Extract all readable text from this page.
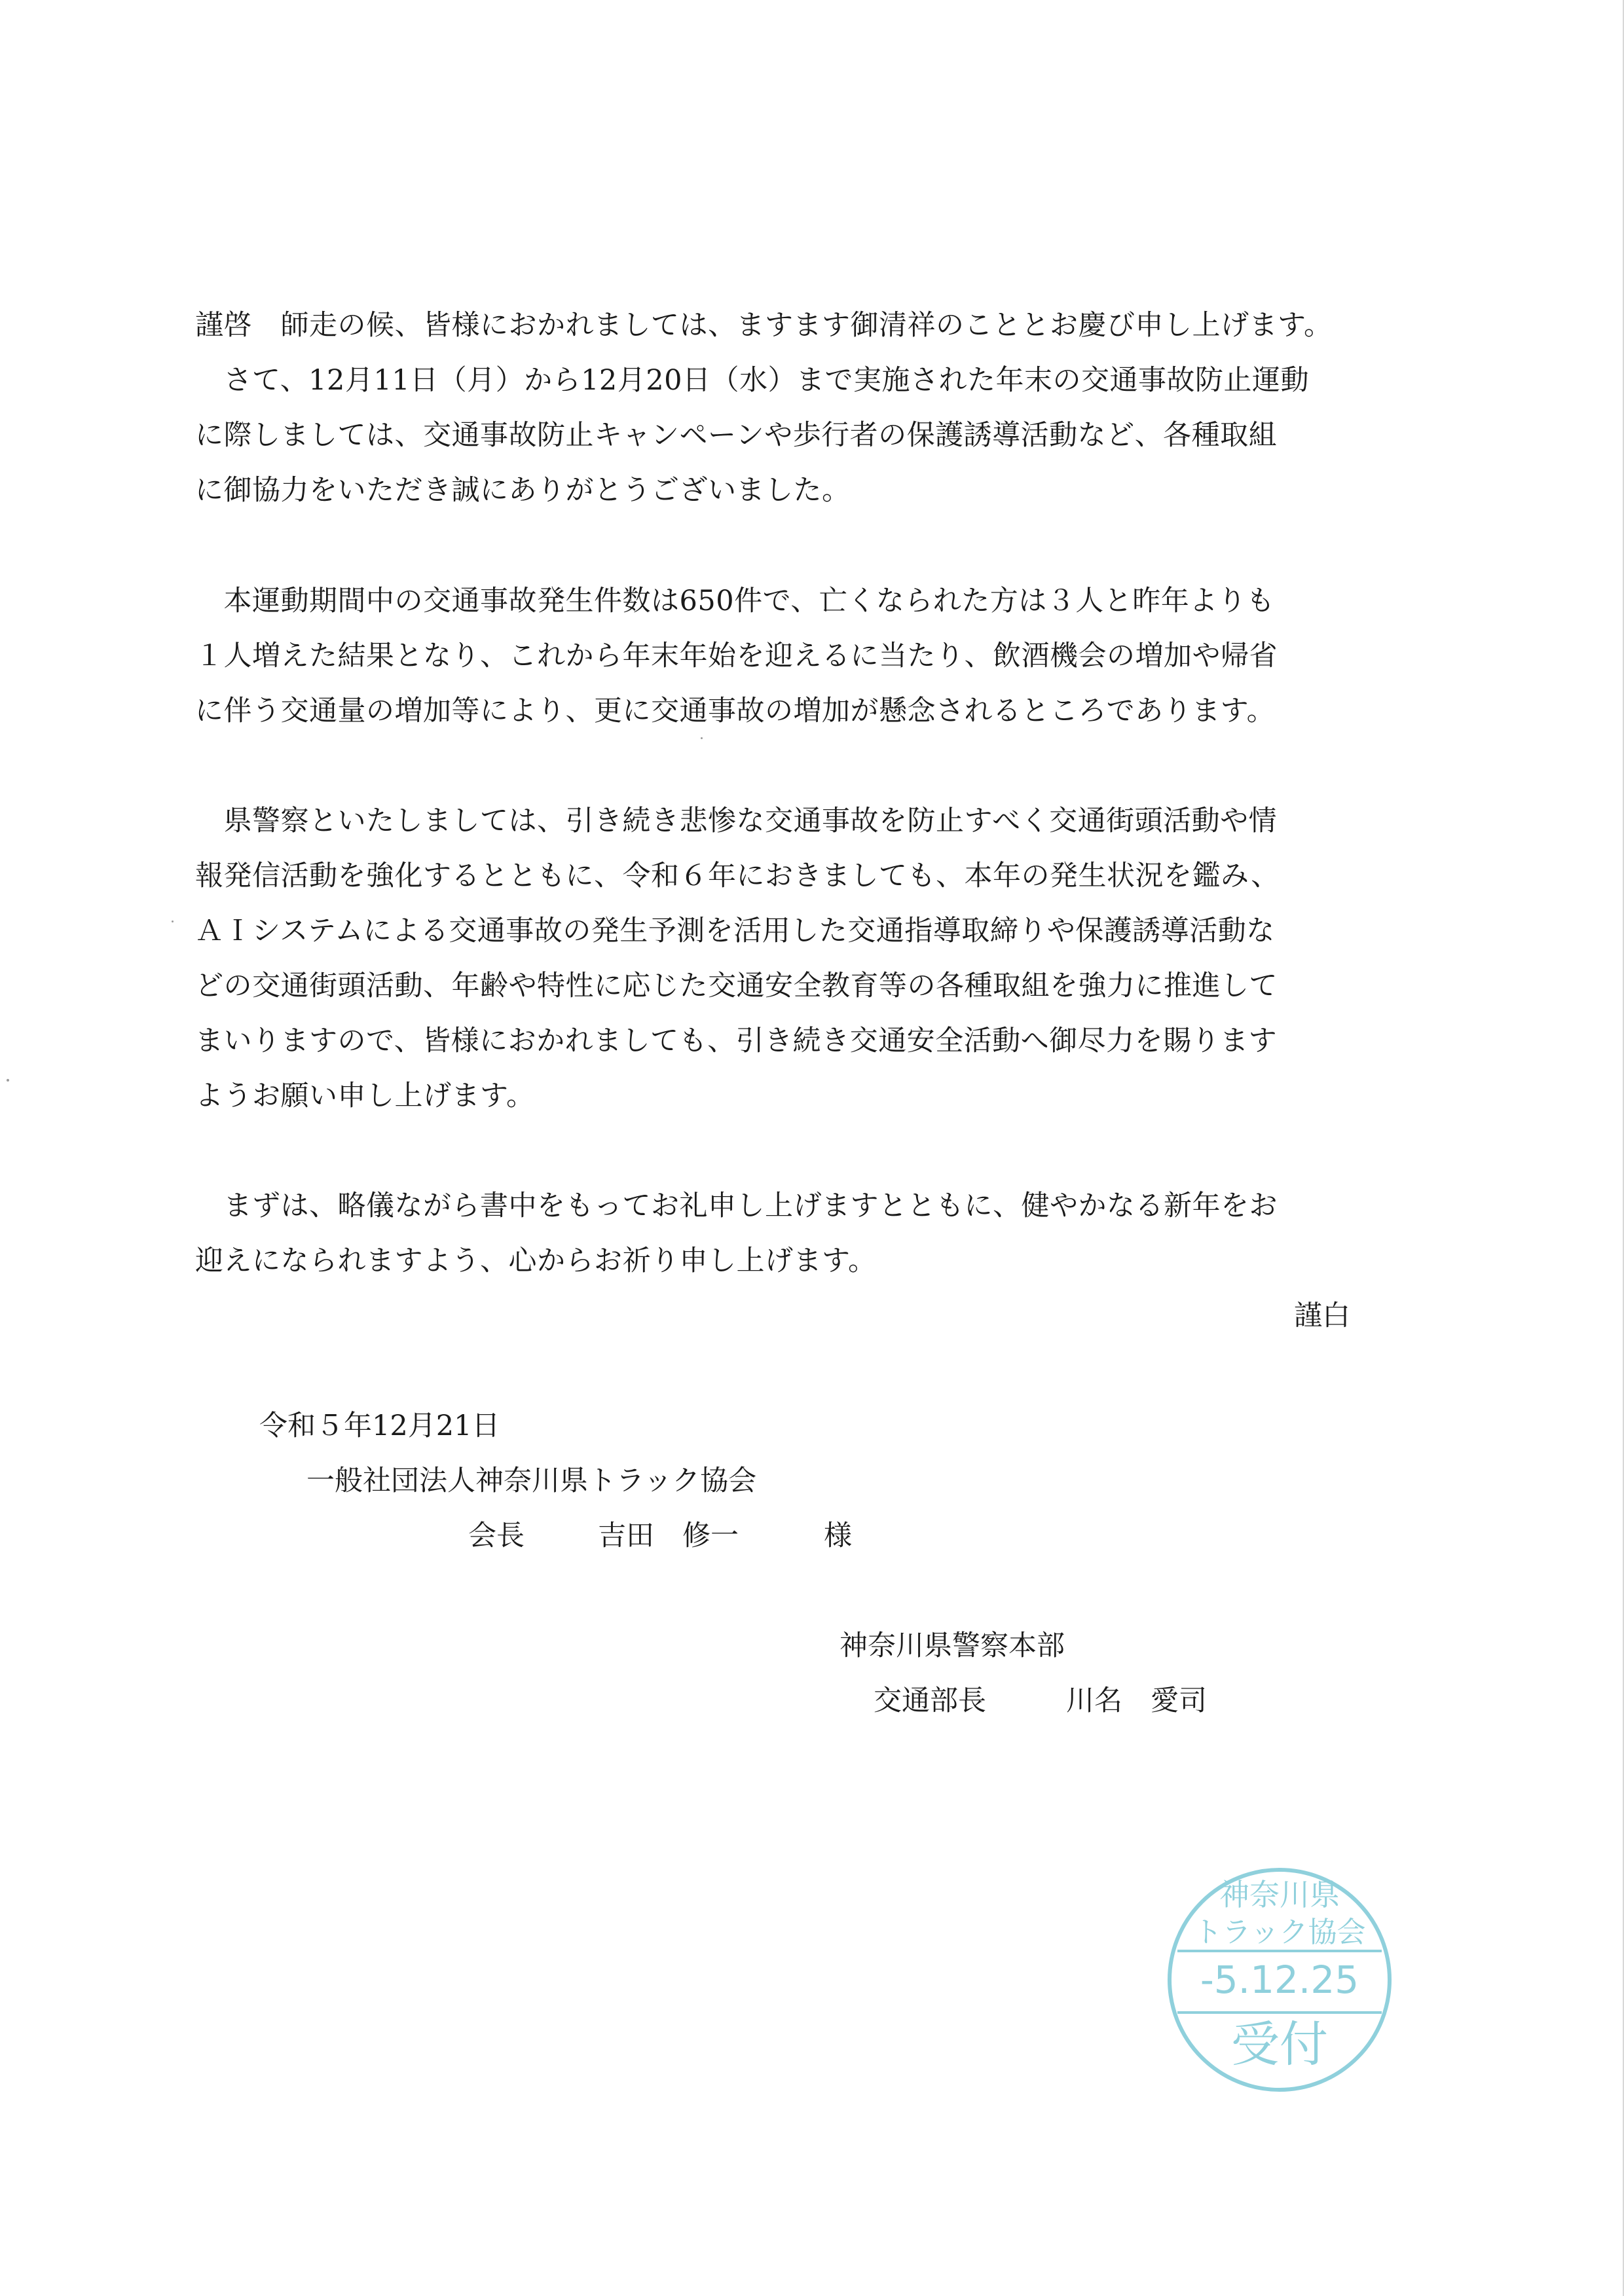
謹啓　師走の候、皆様におかれましては、ますます御清祥のこととお慶び申し上げます。
　さて、12月11日（月）から12月20日（水）まで実施された年末の交通事故防止運動
に際しましては、交通事故防止キャンペーンや歩行者の保護誘導活動など、各種取組
に御協力をいただき誠にありがとうございました。
　本運動期間中の交通事故発生件数は650件で、亡くなられた方は３人と昨年よりも
１人増えた結果となり、これから年末年始を迎えるに当たり、飲酒機会の増加や帰省
に伴う交通量の増加等により、更に交通事故の増加が懸念されるところであります。
　県警察といたしましては、引き続き悲惨な交通事故を防止すべく交通街頭活動や情
報発信活動を強化するとともに、令和６年におきましても、本年の発生状況を鑑み、
ＡＩシステムによる交通事故の発生予測を活用した交通指導取締りや保護誘導活動な
どの交通街頭活動、年齢や特性に応じた交通安全教育等の各種取組を強力に推進して
まいりますので、皆様におかれましても、引き続き交通安全活動へ御尽力を賜ります
ようお願い申し上げます。
　まずは、略儀ながら書中をもってお礼申し上げますとともに、健やかなる新年をお
迎えになられますよう、心からお祈り申し上げます。
謹白
令和５年12月21日
一般社団法人神奈川県トラック協会
会長	吉田　修一	様
神奈川県警察本部
交通部長	川名　愛司
神奈川県
トラック協会
-5.12.25
受付
